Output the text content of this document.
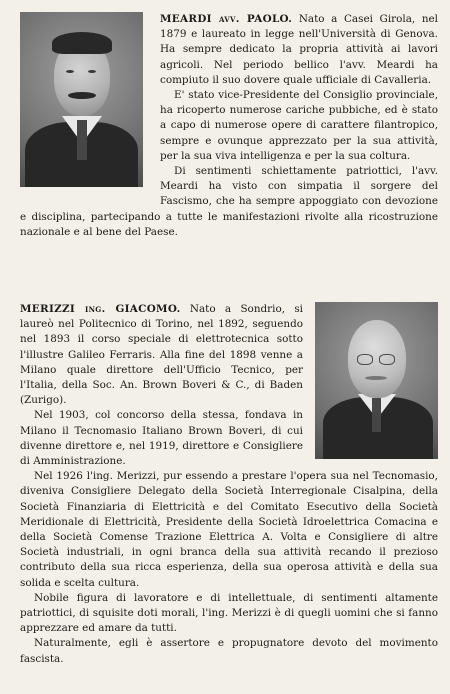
MEARDI avv. PAOLO. Nato a Casei Girola, nel 1879 e laureato in legge nell'Università di Genova. Ha sempre dedicato la propria attività ai lavori agricoli. Nel periodo bellico l'avv. Meardi ha compiuto il suo dovere quale ufficiale di Cavalleria.

E' stato vice-Presidente del Consiglio provinciale, ha ricoperto numerose cariche pubbiche, ed è stato a capo di numerose opere di carattere filantropico, sempre e ovunque apprezzato per la sua attività, per la sua viva intelligenza e per la sua coltura.

Di sentimenti schiettamente patriottici, l'avv. Meardi ha visto con simpatia il sorgere del Fascismo, che ha sempre appoggiato con devozione e disciplina, partecipando a tutte le manifestazioni rivolte alla ricostruzione nazionale e al bene del Paese.

MERIZZI ing. GIACOMO. Nato a Sondrio, si laureò nel Politecnico di Torino, nel 1892, seguendo nel 1893 il corso speciale di elettrotecnica sotto l'illustre Galileo Ferraris. Alla fine del 1898 venne a Milano quale direttore dell'Ufficio Tecnico, per l'Italia, della Soc. An. Brown Boveri & C., di Baden (Zurigo).

Nel 1903, col concorso della stessa, fondava in Milano il Tecnomasio Italiano Brown Boveri, di cui divenne direttore e, nel 1919, direttore e Consigliere di Amministrazione.

Nel 1926 l'ing. Merizzi, pur essendo a prestare l'opera sua nel Tecnomasio, diveniva Consigliere Delegato della Società Interregionale Cisalpina, della Società Finanziaria di Elettricità e del Comitato Esecutivo della Società Meridionale di Elettricità, Presidente della Società Idroelettrica Comacina e della Società Comense Trazione Elettrica A. Volta e Consigliere di altre Società industriali, in ogni branca della sua attività recando il prezioso contributo della sua ricca esperienza, della sua operosa attività e della sua solida e scelta cultura.

Nobile figura di lavoratore e di intellettuale, di sentimenti altamente patriottici, di squisite doti morali, l'ing. Merizzi è di quegli uomini che si fanno apprezzare ed amare da tutti.

Naturalmente, egli è assertore e propugnatore devoto del movimento fascista.
